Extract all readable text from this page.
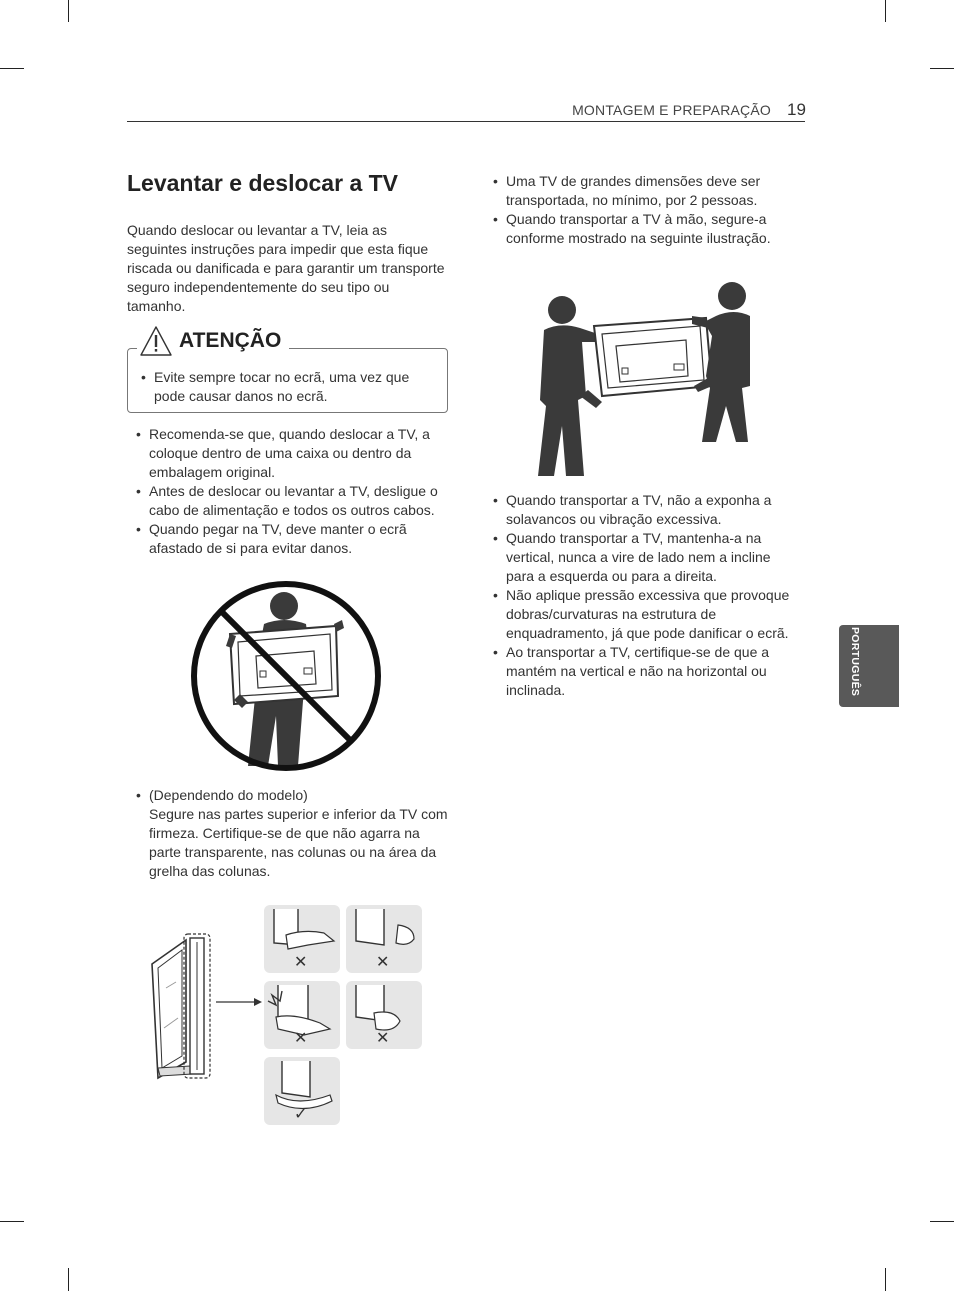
MONTAGEM E PREPARAÇÃO 19
PORTUGUÊS
Levantar e deslocar a TV

Quando deslocar ou levantar a TV, leia as seguintes instruções para impedir que esta fique riscada ou danificada e para garantir um transporte seguro independentemente do seu tipo ou tamanho.

ATENÇÃO
• Evite sempre tocar no ecrã, uma vez que pode causar danos no ecrã.
• Recomenda-se que, quando deslocar a TV, a coloque dentro de uma caixa ou dentro da embalagem original.
• Antes de deslocar ou levantar a TV, desligue o cabo de alimentação e todos os outros cabos.
• Quando pegar na TV, deve manter o ecrã afastado de si para evitar danos.
• (Dependendo do modelo)
Segure nas partes superior e inferior da TV com firmeza. Certifique-se de que não agarra na parte transparente, nas colunas ou na área da grelha das colunas.
✕	✕
✕	✕
✓
• Uma TV de grandes dimensões deve ser transportada, no mínimo, por 2 pessoas.
• Quando transportar a TV à mão, segure-a conforme mostrado na seguinte ilustração.
• Quando transportar a TV, não a exponha a solavancos ou vibração excessiva.
• Quando transportar a TV, mantenha-a na vertical, nunca a vire de lado nem a incline para a esquerda ou para a direita.
• Não aplique pressão excessiva que provoque dobras/curvaturas na estrutura de enquadramento, já que pode danificar o ecrã.
• Ao transportar a TV, certifique-se de que a mantém na vertical e não na horizontal ou inclinada.
